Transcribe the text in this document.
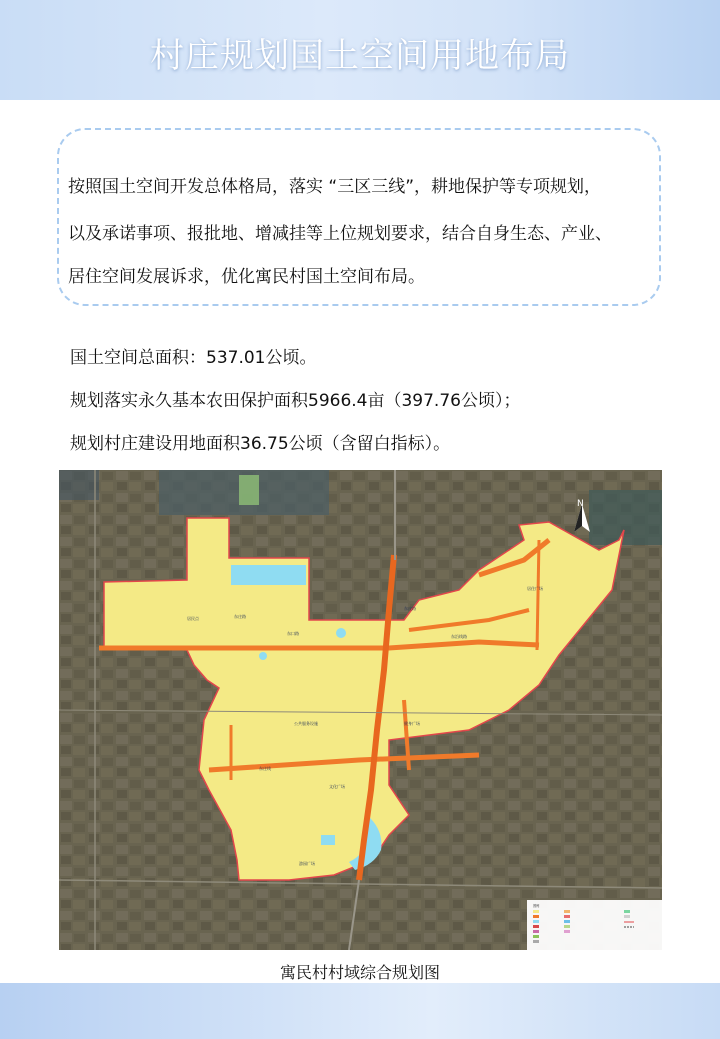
村庄规划国土空间用地布局
按照国土空间开发总体格局，落实 “三区三线”，耕地保护等专项规划，
以及承诺事项、报批地、增减挂等上位规划要求，结合自身生态、产业、
居住空间发展诉求，优化寓民村国土空间布局。
国土空间总面积：537.01公顷。
规划落实永久基本农田保护面积5966.4亩（397.76公顷）；
规划村庄建设用地面积36.75公顷（含留白指标）。
居民点	东庄路
东口路
东皮路
东沿线路
居住广场
公共服务设施	健身广场
东庄线
文化广场
游园广场
N
图例
寓民村村域综合规划图
